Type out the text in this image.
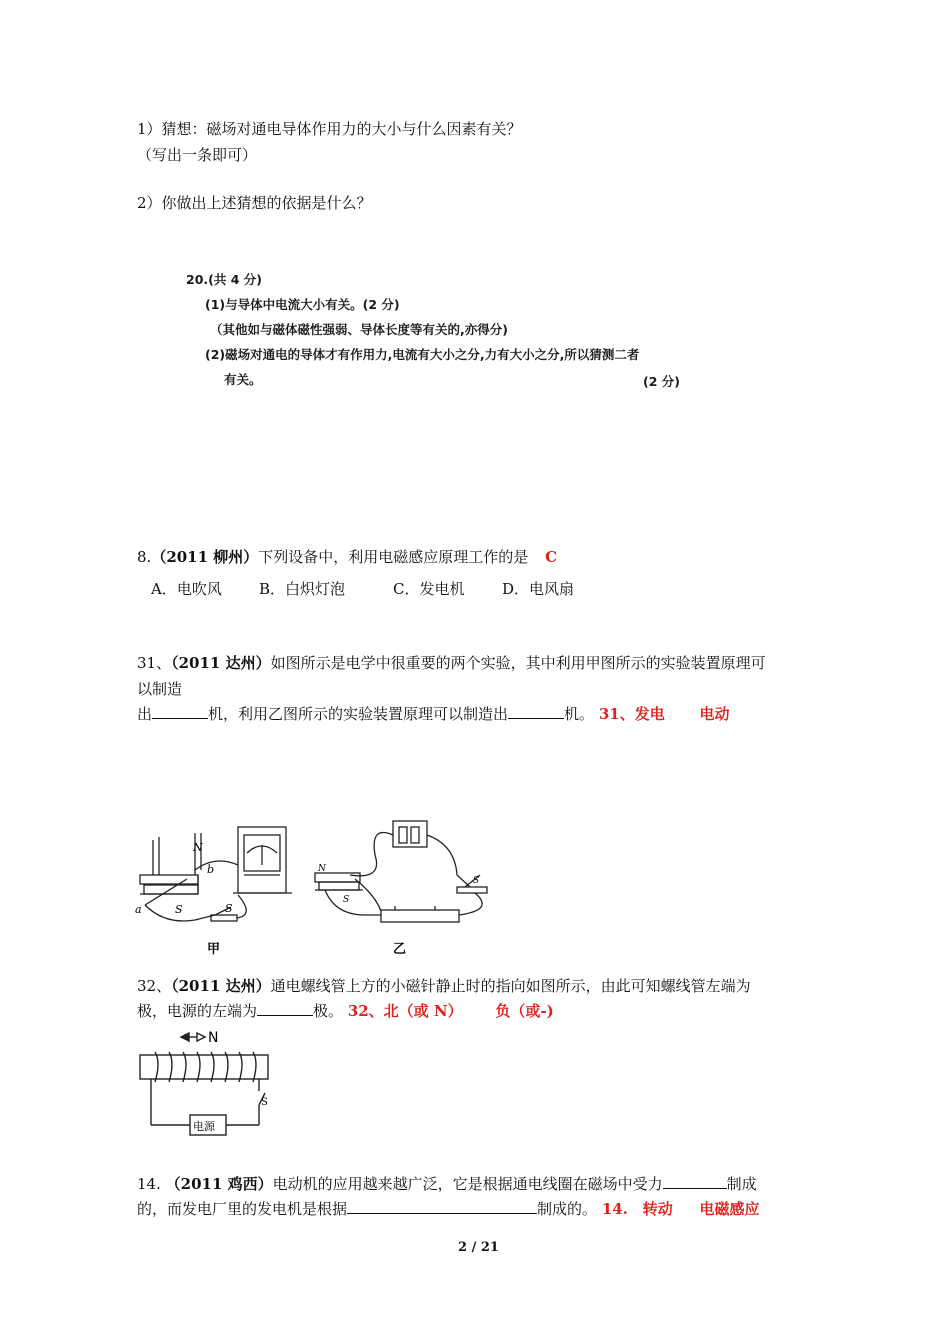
1）猜想：磁场对通电导体作用力的大小与什么因素有关？
（写出一条即可）
2）你做出上述猜想的依据是什么？
20.(共 4 分)
(1)与导体中电流大小有关。(2 分)
（其他如与磁体磁性强弱、导体长度等有关的,亦得分)
(2)磁场对通电的导体才有作用力,电流有大小之分,力有大小之分,所以猜测二者
有关。	(2 分)
8.（2011 柳州）下列设备中，利用电磁感应原理工作的是 C
A．电吹风 B．白炽灯泡	C．发电机	D．电风扇
31、（2011 达州）如图所示是电学中很重要的两个实验，其中利用甲图所示的实验装置原理可
以制造
出	机，利用乙图所示的实验装置原理可以制造出	机。 31、发电 电动
N
b
a	S	S
甲
N
S
S
乙
32、（2011 达州）通电螺线管上方的小磁针静止时的指向如图所示，由此可知螺线管左端为
极，电源的左端为	极。 32、北（或 N） 负（或-)
N
电源
S
14. （2011 鸡西）电动机的应用越来越广泛，它是根据通电线圈在磁场中受力	制成
的，而发电厂里的发电机是根据	制成的。 14. 转动 电磁感应
2 / 21
